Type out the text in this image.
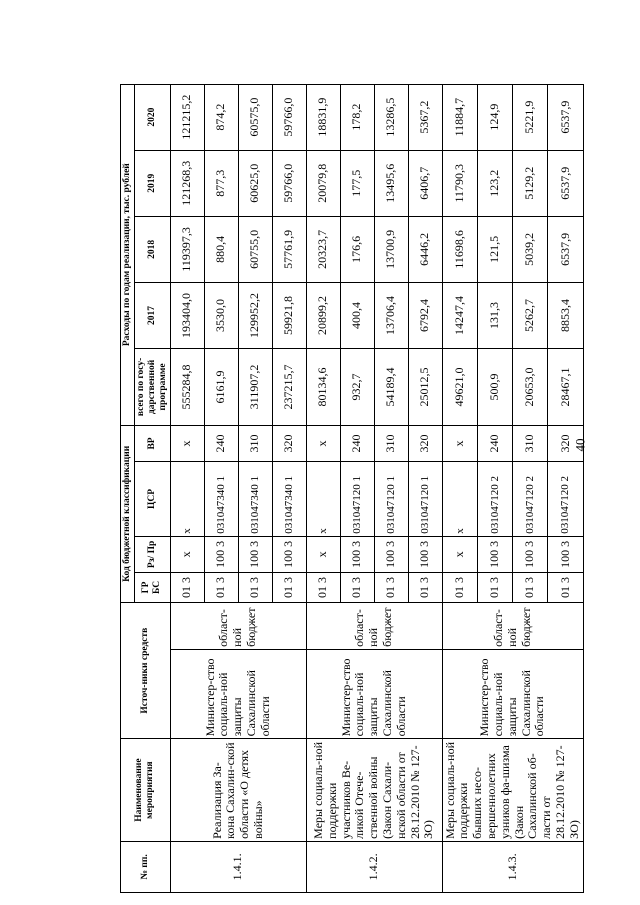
40
№ пп.	Наименование мероприятия	Источ-ники средств		Код бюджетной классификации				Расходы по годам реализации, тыс. рублей				
				ГР БС	Рз/ Пр	ЦСР	ВР	всего по госу-дарственной программе	2017	2018	2019	2020
1.4.1.	Реализация За-кона Сахалин-ской области «О детях войны»	Министер-ство социаль-ной защиты Сахалинской области	област-ной бюджет	01 3	x	x	x	555284,8	193404,0	119397,3	121268,3	121215,2
				01 3	100 3	031047340 1	240	6161,9	3530,0	880,4	877,3	874,2
				01 3	100 3	031047340 1	310	311907,2	129952,2	60755,0	60625,0	60575,0
				01 3	100 3	031047340 1	320	237215,7	59921,8	57761,9	59766,0	59766,0
1.4.2.	Меры социаль-ной поддержки участников Ве-ликой Отече-ственной войны (Закон Сахали-нской области от 28.12.2010 № 127-ЗО)	Министер-ство социаль-ной защиты Сахалинской области	област-ной бюджет	01 3	x	x	x	80134,6	20899,2	20323,7	20079,8	18831,9
				01 3	100 3	031047120 1	240	932,7	400,4	176,6	177,5	178,2
				01 3	100 3	031047120 1	310	54189,4	13706,4	13700,9	13495,6	13286,5
				01 3	100 3	031047120 1	320	25012,5	6792,4	6446,2	6406,7	5367,2
1.4.3.	Меры социаль-ной поддержки бывших несо-вершеннолетних узников фа-шизма (Закон Сахалинской об-ласти от 28.12.2010 № 127-ЗО)	Министер-ство социаль-ной защиты Сахалинской области	област-ной бюджет	01 3	x	x	x	49621,0	14247,4	11698,6	11790,3	11884,7
				01 3	100 3	031047120 2	240	500,9	131,3	121,5	123,2	124,9
				01 3	100 3	031047120 2	310	20653,0	5262,7	5039,2	5129,2	5221,9
				01 3	100 3	031047120 2	320	28467,1	8853,4	6537,9	6537,9	6537,9
